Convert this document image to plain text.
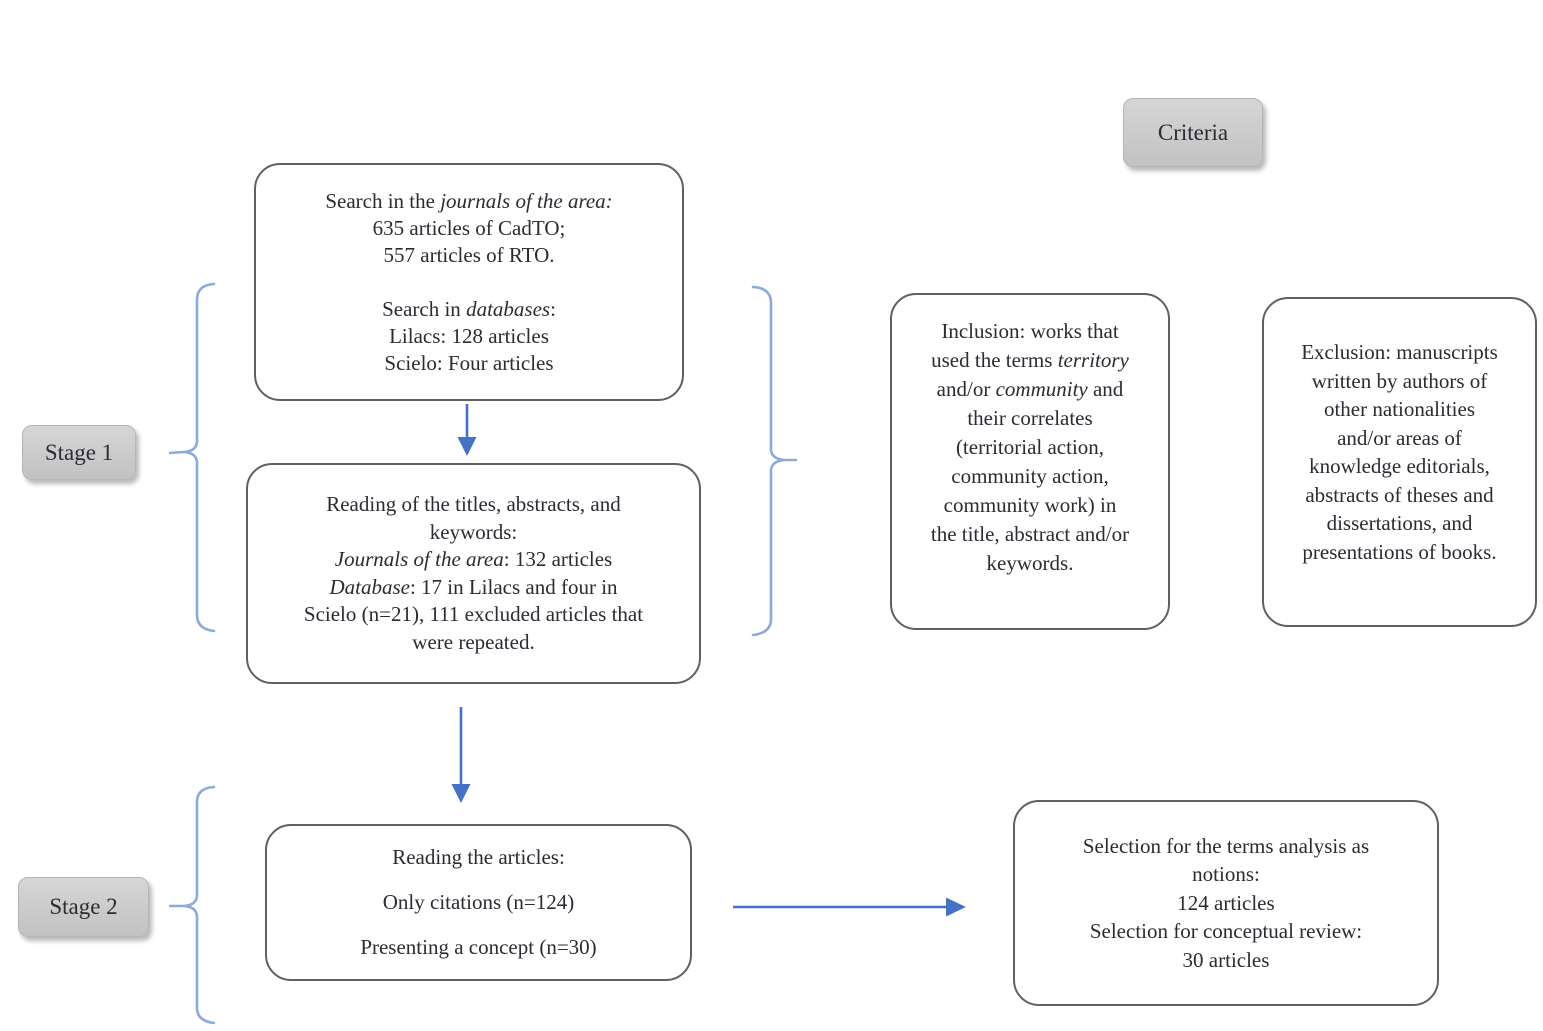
Criteria
Stage 1
Stage 2
Search in the journals of the area:
635 articles of CadTO;
557 articles of RTO.

Search in databases:
Lilacs: 128 articles
Scielo: Four articles
Reading of the titles, abstracts, and
keywords:
Journals of the area: 132 articles
Database: 17 in Lilacs and four in
Scielo (n=21), 111 excluded articles that
were repeated.
Inclusion: works that
used the terms territory
and/or community and
their correlates
(territorial action,
community action,
community work) in
the title, abstract and/or
keywords.
Exclusion: manuscripts
written by authors of
other nationalities
and/or areas of
knowledge editorials,
abstracts of theses and
dissertations, and
presentations of books.
Reading the articles:
Only citations (n=124)
Presenting a concept (n=30)
Selection for the terms analysis as
notions:
124 articles
Selection for conceptual review:
30 articles
